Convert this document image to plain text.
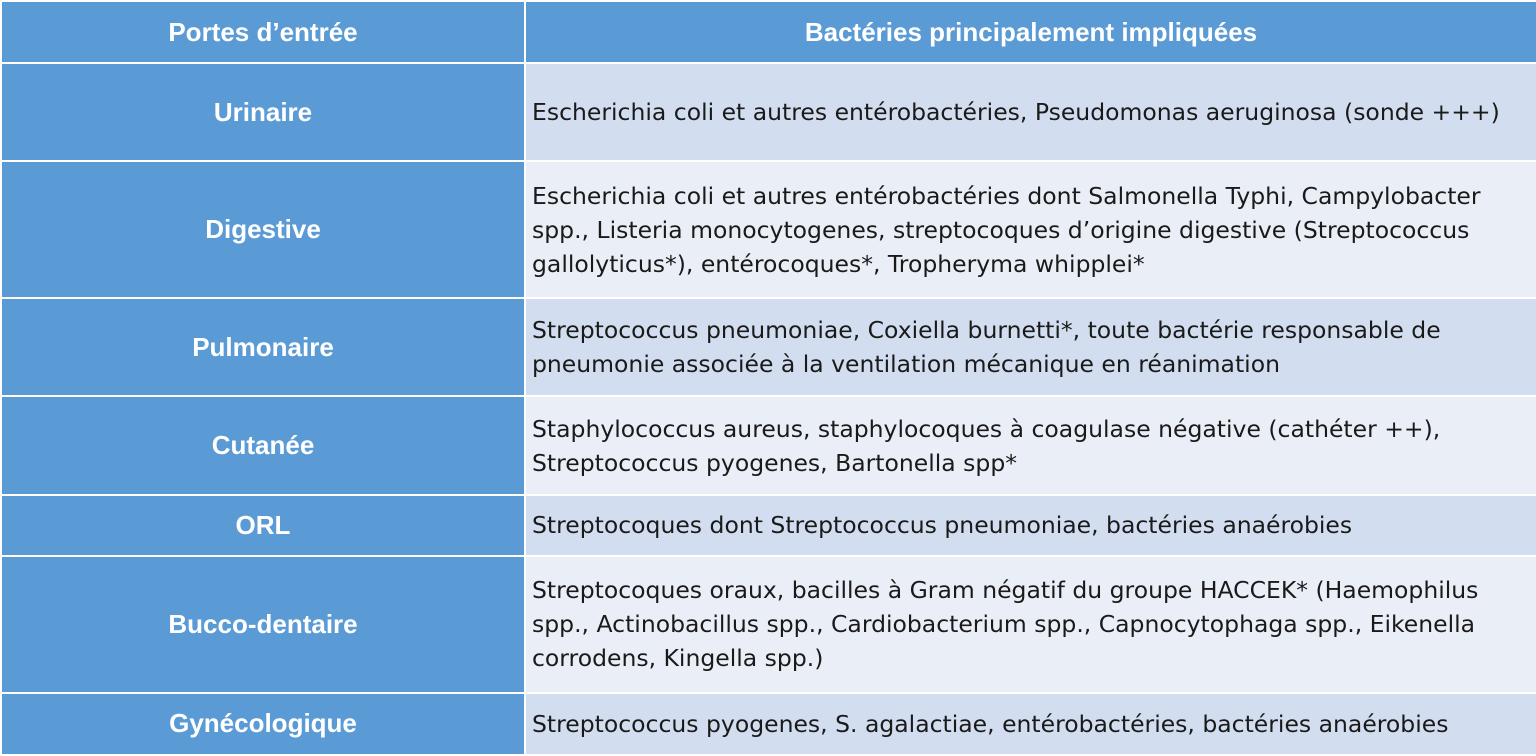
Portes d’entrée	Bactéries principalement impliquées
Urinaire	Escherichia coli et autres entérobactéries, Pseudomonas aeruginosa (sonde +++)
Digestive	Escherichia coli et autres entérobactéries dont Salmonella Typhi, Campylobacter spp., Listeria monocytogenes, streptocoques d’origine digestive (Streptococcus gallolyticus*), entérocoques*, Tropheryma whipplei*
Pulmonaire	Streptococcus pneumoniae, Coxiella burnetti*, toute bactérie responsable de pneumonie associée à la ventilation mécanique en réanimation
Cutanée	Staphylococcus aureus, staphylocoques à coagulase négative (cathéter ++), Streptococcus pyogenes, Bartonella spp*
ORL	Streptocoques dont Streptococcus pneumoniae, bactéries anaérobies
Bucco-dentaire	Streptocoques oraux, bacilles à Gram négatif du groupe HACCEK* (Haemophilus spp., Actinobacillus spp., Cardiobacterium spp., Capnocytophaga spp., Eikenella corrodens, Kingella spp.)
Gynécologique	Streptococcus pyogenes, S. agalactiae, entérobactéries, bactéries anaérobies
